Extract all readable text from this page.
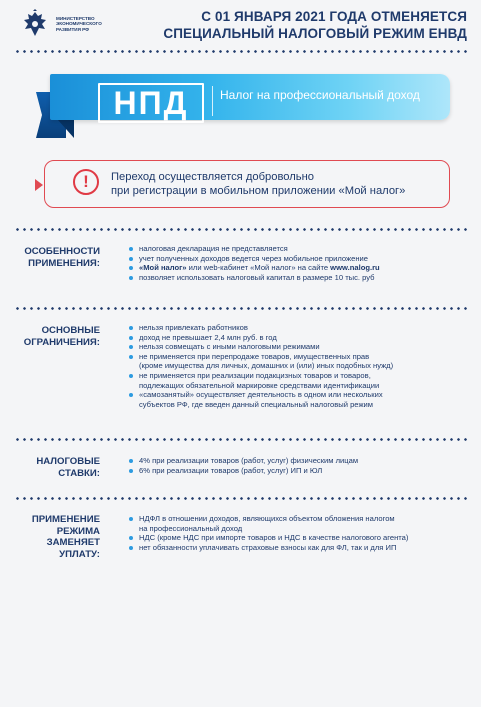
МИНИСТЕРСТВО
ЭКОНОМИЧЕСКОГО
РАЗВИТИЯ РФ
С 01 ЯНВАРЯ 2021 ГОДА ОТМЕНЯЕТСЯ
СПЕЦИАЛЬНЫЙ НАЛОГОВЫЙ РЕЖИМ ЕНВД
НПД	Налог на профессиональный доход
!	Переход осуществляется добровольно
при регистрации в мобильном приложении «Мой налог»
ОСОБЕННОСТИ
ПРИМЕНЕНИЯ:
налоговая декларация не представляется
учет полученных доходов ведется через мобильное приложение
«Мой налог» или web-кабинет «Мой налог» на сайте www.nalog.ru
позволяет использовать налоговый капитал в размере 10 тыс. руб
ОСНОВНЫЕ
ОГРАНИЧЕНИЯ:
нельзя привлекать работников
доход не превышает 2,4 млн руб. в год
нельзя совмещать с иными налоговыми режимами
не применяется при перепродаже товаров, имущественных прав
(кроме имущества для личных, домашних и (или) иных подобных нужд)
не применяется при реализации подакцизных товаров и товаров,
подлежащих обязательной маркировке средствами идентификации
«самозанятый» осуществляет деятельность в одном или нескольких
субъектов РФ, где введен данный специальный налоговый режим
НАЛОГОВЫЕ
СТАВКИ:
4% при реализации товаров (работ, услуг) физическим лицам
6% при реализации товаров (работ, услуг) ИП и ЮЛ
ПРИМЕНЕНИЕ
РЕЖИМА
ЗАМЕНЯЕТ
УПЛАТУ:
НДФЛ в отношении доходов, являющихся объектом обложения налогом
на профессиональный доход
НДС (кроме НДС при импорте товаров и НДС в качестве налогового агента)
нет обязанности уплачивать страховые взносы как для ФЛ, так и для ИП
